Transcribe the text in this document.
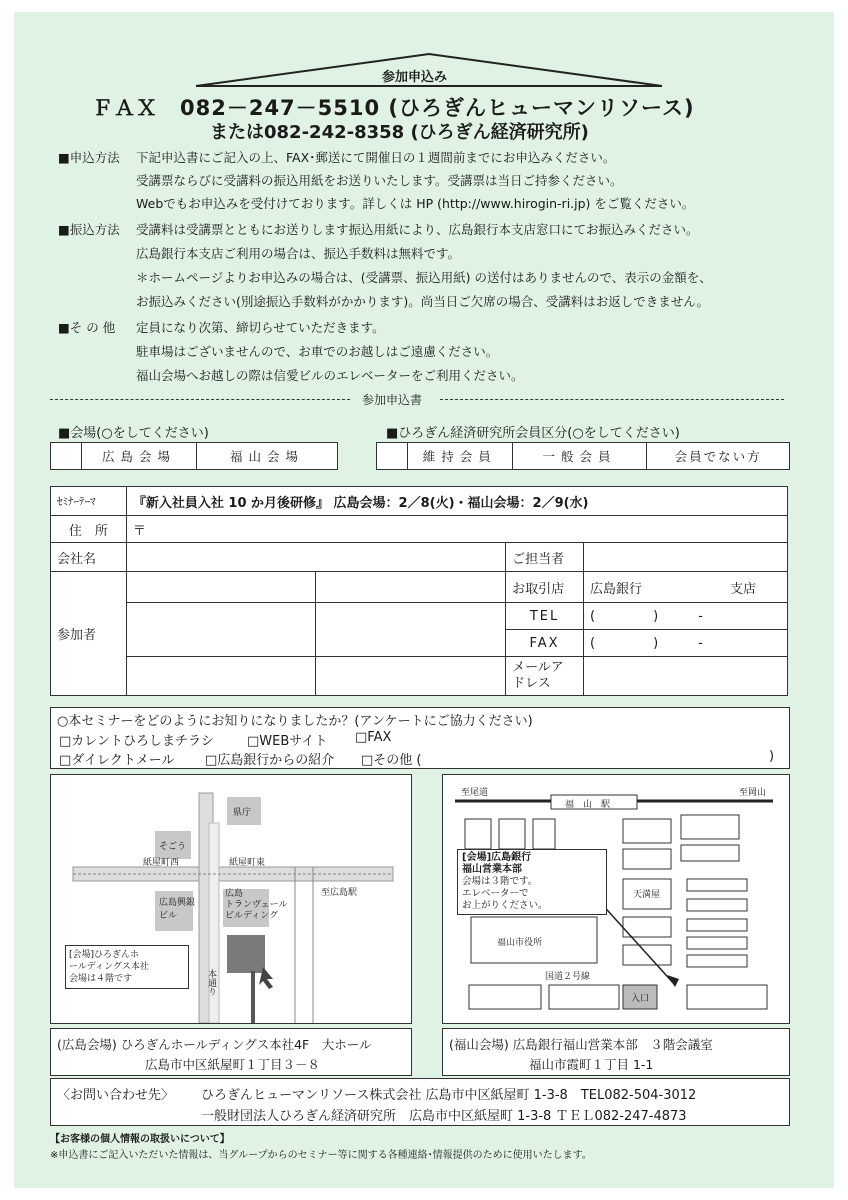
参加申込み
ＦＡＸ　082－247－5510 (ひろぎんヒューマンリソース)
または082-242-8358 (ひろぎん経済研究所)
■申込方法 下記申込書にご記入の上、FAX･郵送にて開催日の１週間前までにお申込みください。
受講票ならびに受講料の振込用紙をお送りいたします。受講票は当日ご持参ください。
Webでもお申込みを受付けております。詳しくは HP (http://www.hirogin-ri.jp) をご覧ください。
■振込方法 受講料は受講票とともにお送りします振込用紙により、広島銀行本支店窓口にてお振込みください。
広島銀行本支店ご利用の場合は、振込手数料は無料です。
＊ホームページよりお申込みの場合は、(受講票、振込用紙) の送付はありませんので、表示の金額を、
お振込みください(別途振込手数料がかかります)。尚当日ご欠席の場合、受講料はお返しできません。
■そ の 他 定員になり次第、締切らせていただきます。
駐車場はございませんので、お車でのお越しはご遠慮ください。
福山会場へお越しの際は信愛ビルのエレベーターをご利用ください。
参加申込書
■会場(○をしてください)
広島会場	福山会場
■ひろぎん経済研究所会員区分(○をしてください)
維持会員	一般会員	会員でない方
ｾﾐﾅｰﾃｰﾏ	『新入社員入社 10 か月後研修』 広島会場：2／8(火)・福山会場：2／9(水)			
住　所	〒			
会社名			ご担当者	
参加者			お取引店	広島銀行 支店
			TEL	( ) -
			FAX	( ) -
			メールア
ドレス	
○本セミナーをどのようにお知りになりましたか？(アンケートにご協力ください)
□カレントひろしまチラシ	□WEBサイト □FAX
□ダイレクトメール □広島銀行からの紹介 □その他 (	)
県庁
そごう
紙屋町西	紙屋町東
至広島駅
広島興銀
ビル
広島
トランヴェール
ビルディング
本通り
[会場]ひろぎんホ
ールディングス本社
会場は４階です
至尾道	至岡山
福　山　駅
天満屋
福山市役所
国道２号線
入口
[会場]広島銀行
福山営業本部
会場は３階です。
エレベーターで
お上がりください。
(広島会場) ひろぎんホールディングス本社4F　大ホール
広島市中区紙屋町１丁目３－８
(福山会場) 広島銀行福山営業本部　３階会議室
福山市霞町１丁目 1-1
〈お問い合わせ先〉 ひろぎんヒューマンリソース株式会社 広島市中区紙屋町 1-3-8　TEL082-504-3012
一般財団法人ひろぎん経済研究所　広島市中区紙屋町 1-3-8 ＴＥＬ082-247-4873
【お客様の個人情報の取扱いについて】
※申込書にご記入いただいた情報は、当グループからのセミナー等に関する各種連絡･情報提供のために使用いたします。
